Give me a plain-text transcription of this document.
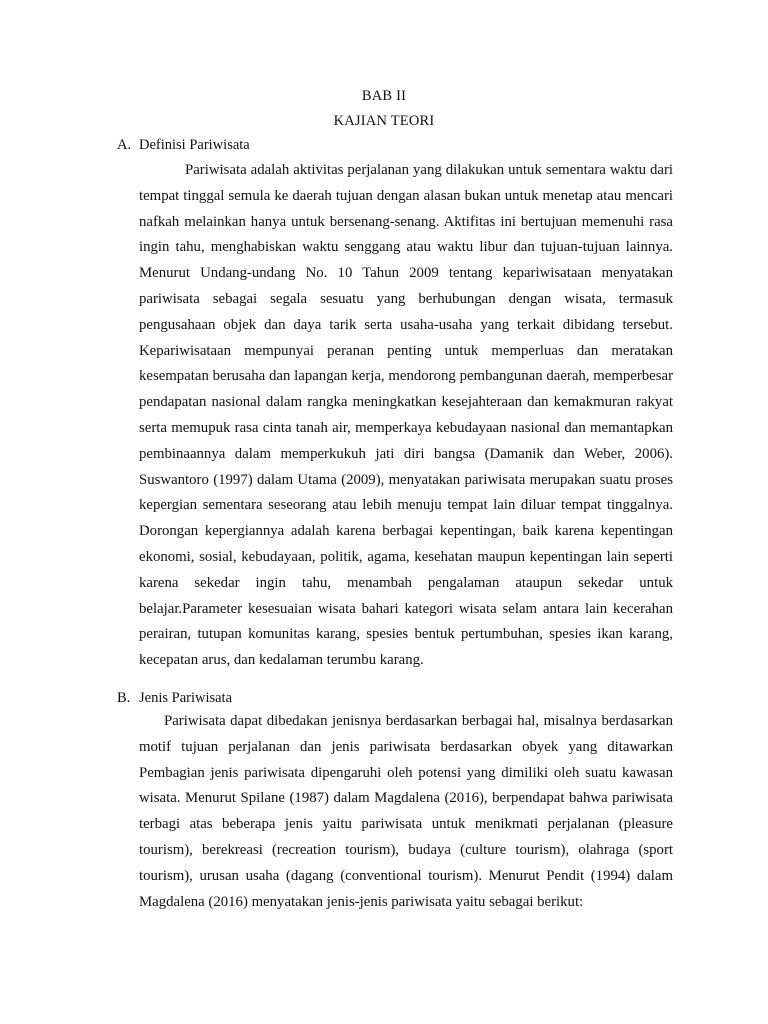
BAB II
KAJIAN TEORI
A. Definisi Pariwisata

Pariwisata adalah aktivitas perjalanan yang dilakukan untuk sementara waktu dari tempat tinggal semula ke daerah tujuan dengan alasan bukan untuk menetap atau mencari nafkah melainkan hanya untuk bersenang-senang. Aktifitas ini bertujuan memenuhi rasa ingin tahu, menghabiskan waktu senggang atau waktu libur dan tujuan-tujuan lainnya. Menurut Undang-undang No. 10 Tahun 2009 tentang kepariwisataan menyatakan pariwisata sebagai segala sesuatu yang berhubungan dengan wisata, termasuk pengusahaan objek dan daya tarik serta usaha-usaha yang terkait dibidang tersebut. Kepariwisataan mempunyai peranan penting untuk memperluas dan meratakan kesempatan berusaha dan lapangan kerja, mendorong pembangunan daerah, memperbesar pendapatan nasional dalam rangka meningkatkan kesejahteraan dan kemakmuran rakyat serta memupuk rasa cinta tanah air, memperkaya kebudayaan nasional dan memantapkan pembinaannya dalam memperkukuh jati diri bangsa (Damanik dan Weber, 2006). Suswantoro (1997) dalam Utama (2009), menyatakan pariwisata merupakan suatu proses kepergian sementara seseorang atau lebih menuju tempat lain diluar tempat tinggalnya. Dorongan kepergiannya adalah karena berbagai kepentingan, baik karena kepentingan ekonomi, sosial, kebudayaan, politik, agama, kesehatan maupun kepentingan lain seperti karena sekedar ingin tahu, menambah pengalaman ataupun sekedar untuk belajar.Parameter kesesuaian wisata bahari kategori wisata selam antara lain kecerahan perairan, tutupan komunitas karang, spesies bentuk pertumbuhan, spesies ikan karang, kecepatan arus, dan kedalaman terumbu karang.

B. Jenis Pariwisata

Pariwisata dapat dibedakan jenisnya berdasarkan berbagai hal, misalnya berdasarkan motif tujuan perjalanan dan jenis pariwisata berdasarkan obyek yang ditawarkan Pembagian jenis pariwisata dipengaruhi oleh potensi yang dimiliki oleh suatu kawasan wisata. Menurut Spilane (1987) dalam Magdalena (2016), berpendapat bahwa pariwisata terbagi atas beberapa jenis yaitu pariwisata untuk menikmati perjalanan (pleasure tourism), berekreasi (recreation tourism), budaya (culture tourism), olahraga (sport tourism), urusan usaha (dagang (conventional tourism). Menurut Pendit (1994) dalam Magdalena (2016) menyatakan jenis-jenis pariwisata yaitu sebagai berikut:
